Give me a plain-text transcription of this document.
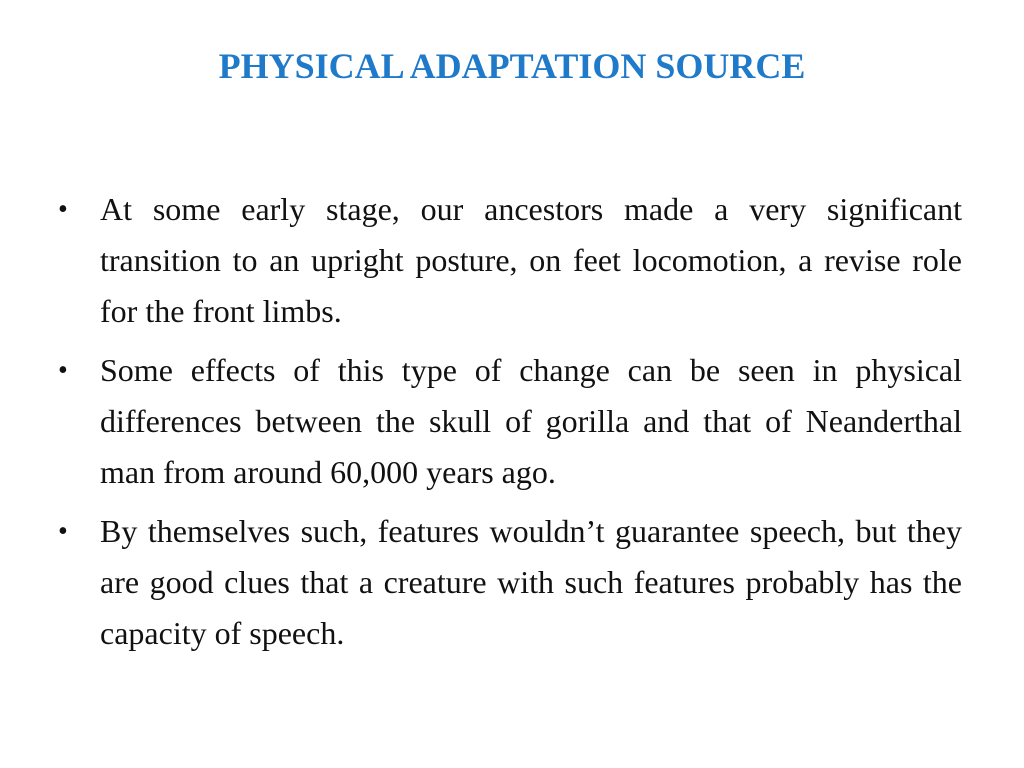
PHYSICAL ADAPTATION SOURCE
•	At some early stage, our ancestors made a very significant transition to an upright posture, on feet locomotion, a revise role for the front limbs.
•	Some effects of this type of change can be seen in physical differences between the skull of gorilla and that of Neanderthal man from around 60,000 years ago.
•	By themselves such, features wouldn’t guarantee speech, but they are good clues that a creature with such features probably has the capacity of speech.
